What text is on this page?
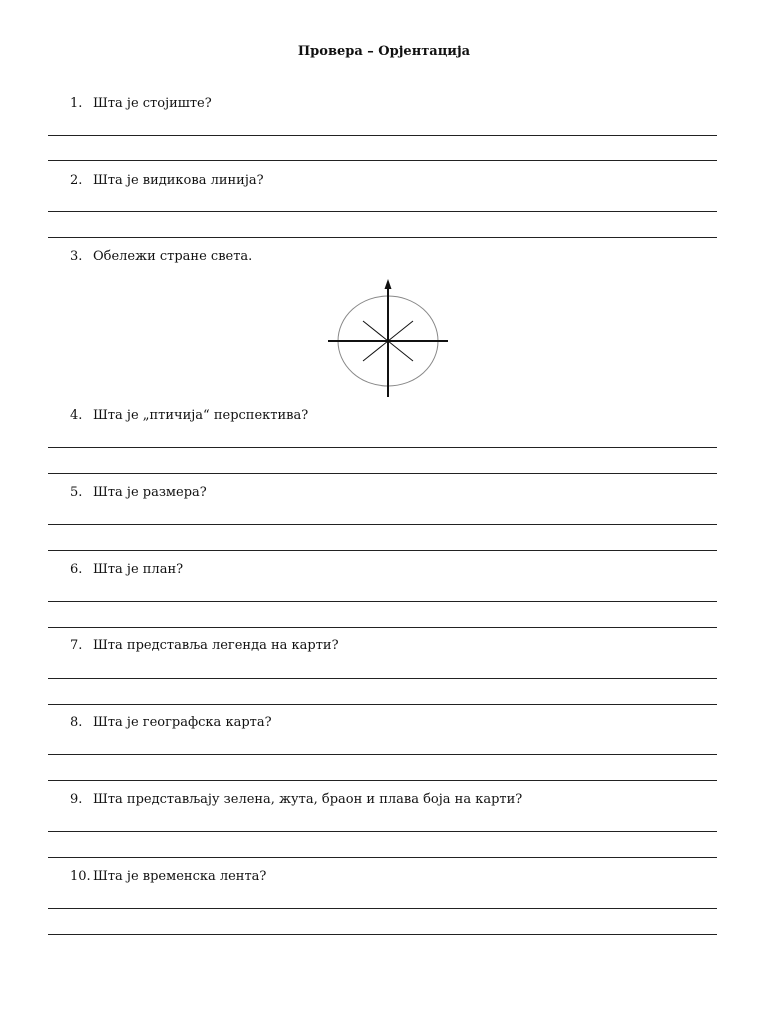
Провера – Орјентација
1. Шта је стојиште?
2. Шта је видикова линија?
3. Обележи стране света.
4. Шта је „птичија“ перспектива?
5. Шта је размера?
6. Шта је план?
7. Шта представља легенда на карти?
8. Шта је географска карта?
9. Шта представљају зелена, жута, браон и плава боја на карти?
10. Шта је временска лента?
